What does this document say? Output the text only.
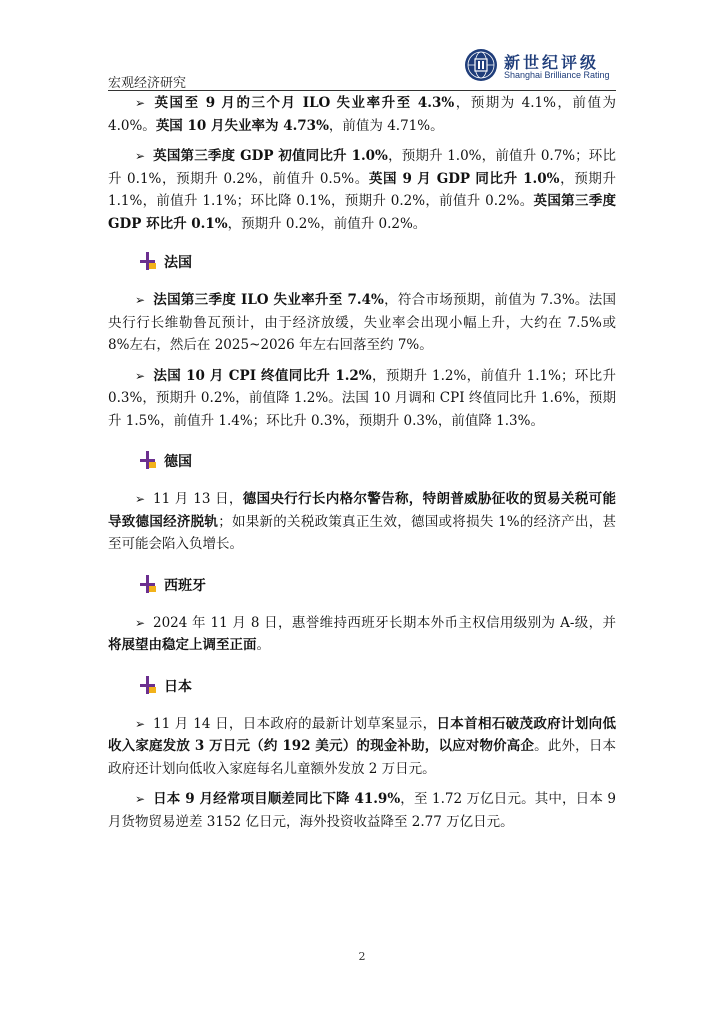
新世纪评级
Shanghai Brilliance Rating
宏观经济研究

➢ 英国至 9 月的三个月 ILO 失业率升至 4.3%，预期为 4.1%，前值为 4.0%。英国 10 月失业率为 4.73%，前值为 4.71%。

➢ 英国第三季度 GDP 初值同比升 1.0%，预期升 1.0%，前值升 0.7%；环比升 0.1%，预期升 0.2%，前值升 0.5%。英国 9 月 GDP 同比升 1.0%，预期升 1.1%，前值升 1.1%；环比降 0.1%，预期升 0.2%，前值升 0.2%。英国第三季度 GDP 环比升 0.1%，预期升 0.2%，前值升 0.2%。

法国

➢ 法国第三季度 ILO 失业率升至 7.4%，符合市场预期，前值为 7.3%。法国央行行长维勒鲁瓦预计，由于经济放缓，失业率会出现小幅上升，大约在 7.5%或 8%左右，然后在 2025~2026 年左右回落至约 7%。

➢ 法国 10 月 CPI 终值同比升 1.2%，预期升 1.2%，前值升 1.1%；环比升 0.3%，预期升 0.2%，前值降 1.2%。法国 10 月调和 CPI 终值同比升 1.6%，预期升 1.5%，前值升 1.4%；环比升 0.3%，预期升 0.3%，前值降 1.3%。

德国

➢ 11 月 13 日，德国央行行长内格尔警告称，特朗普威胁征收的贸易关税可能导致德国经济脱轨；如果新的关税政策真正生效，德国或将损失 1%的经济产出，甚至可能会陷入负增长。

西班牙

➢ 2024 年 11 月 8 日，惠誉维持西班牙长期本外币主权信用级别为 A-级，并将展望由稳定上调至正面。

日本

➢ 11 月 14 日，日本政府的最新计划草案显示，日本首相石破茂政府计划向低收入家庭发放 3 万日元（约 192 美元）的现金补助，以应对物价高企。此外，日本政府还计划向低收入家庭每名儿童额外发放 2 万日元。

➢ 日本 9 月经常项目顺差同比下降 41.9%，至 1.72 万亿日元。其中，日本 9 月货物贸易逆差 3152 亿日元，海外投资收益降至 2.77 万亿日元。

2
